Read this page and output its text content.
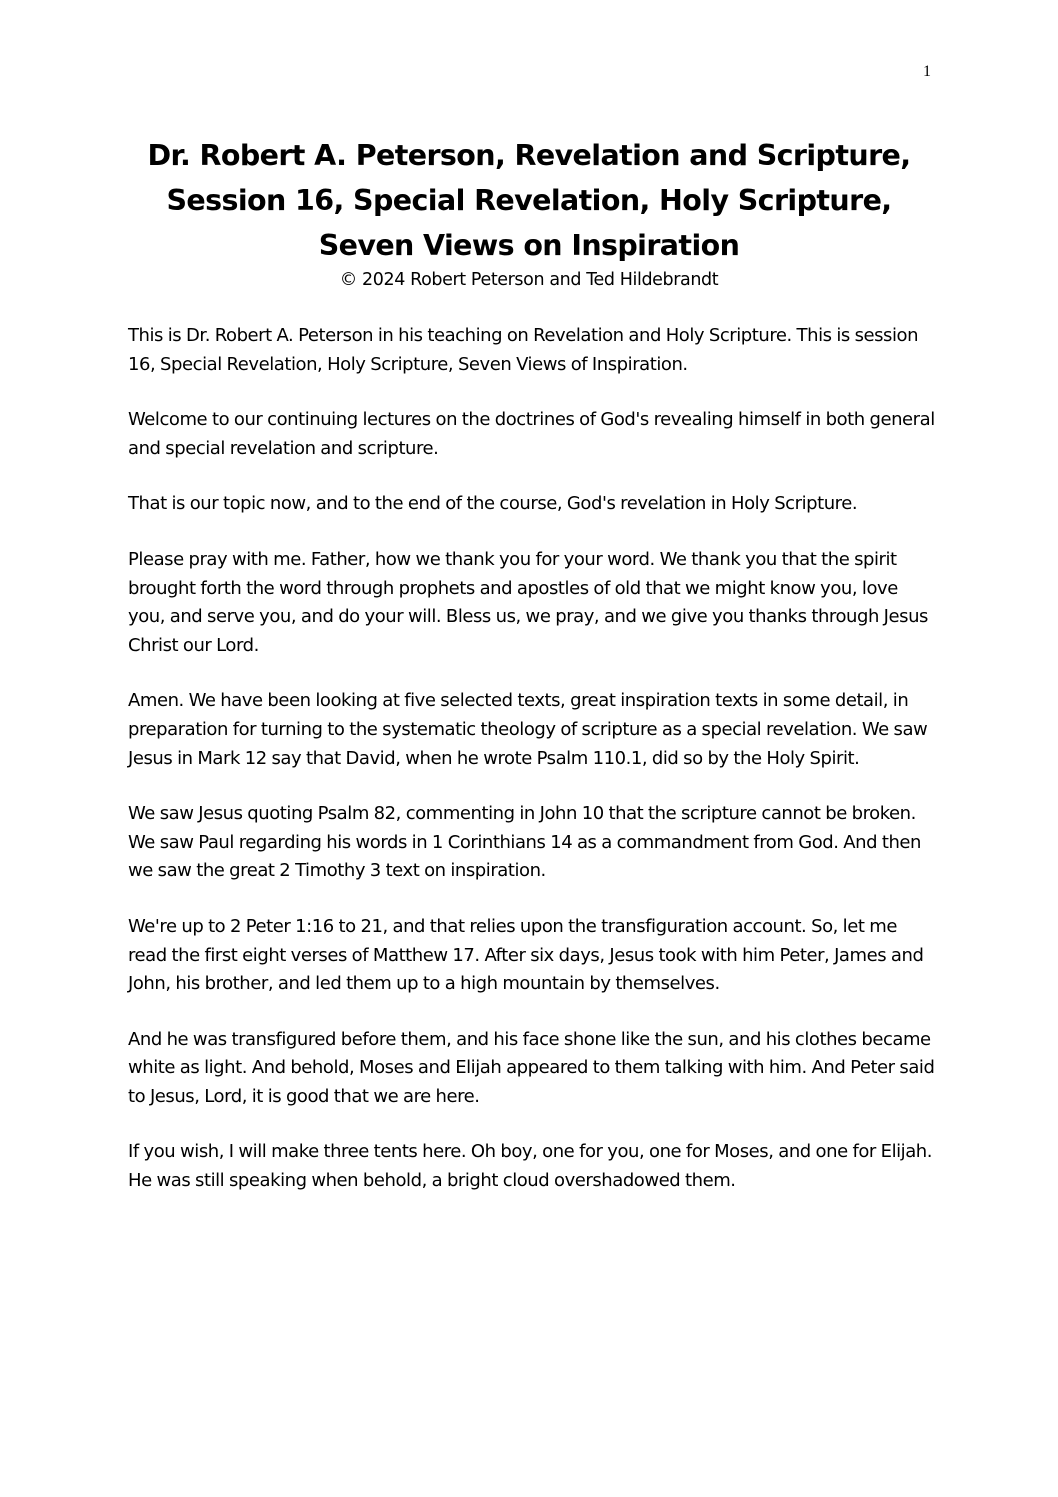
1
Dr. Robert A. Peterson, Revelation and Scripture,
Session 16, Special Revelation, Holy Scripture,
Seven Views on Inspiration
© 2024 Robert Peterson and Ted Hildebrandt

This is Dr. Robert A. Peterson in his teaching on Revelation and Holy Scripture. This is session 16, Special Revelation, Holy Scripture, Seven Views of Inspiration.

Welcome to our continuing lectures on the doctrines of God's revealing himself in both general and special revelation and scripture.

That is our topic now, and to the end of the course, God's revelation in Holy Scripture.

Please pray with me. Father, how we thank you for your word. We thank you that the spirit brought forth the word through prophets and apostles of old that we might know you, love you, and serve you, and do your will. Bless us, we pray, and we give you thanks through Jesus Christ our Lord.

Amen. We have been looking at five selected texts, great inspiration texts in some detail, in preparation for turning to the systematic theology of scripture as a special revelation. We saw Jesus in Mark 12 say that David, when he wrote Psalm 110.1, did so by the Holy Spirit.

We saw Jesus quoting Psalm 82, commenting in John 10 that the scripture cannot be broken. We saw Paul regarding his words in 1 Corinthians 14 as a commandment from God. And then we saw the great 2 Timothy 3 text on inspiration.

We're up to 2 Peter 1:16 to 21, and that relies upon the transfiguration account. So, let me read the first eight verses of Matthew 17. After six days, Jesus took with him Peter, James and John, his brother, and led them up to a high mountain by themselves.

And he was transfigured before them, and his face shone like the sun, and his clothes became white as light. And behold, Moses and Elijah appeared to them talking with him. And Peter said to Jesus, Lord, it is good that we are here.

If you wish, I will make three tents here. Oh boy, one for you, one for Moses, and one for Elijah. He was still speaking when behold, a bright cloud overshadowed them.
